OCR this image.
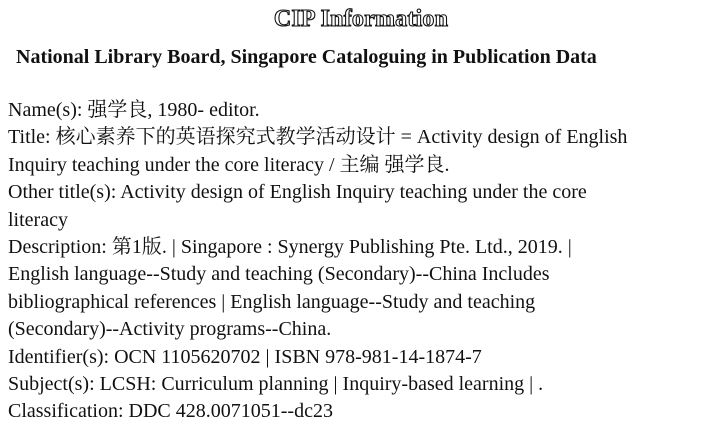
CIP Information
National Library Board, Singapore Cataloguing in Publication Data
Name(s): 强学良, 1980- editor.
Title: 核心素养下的英语探究式教学活动设计 = Activity design of English
Inquiry teaching under the core literacy / 主编 强学良.
Other title(s): Activity design of English Inquiry teaching under the core
literacy
Description: 第1版. | Singapore : Synergy Publishing Pte. Ltd., 2019. |
English language--Study and teaching (Secondary)--China Includes
bibliographical references | English language--Study and teaching
(Secondary)--Activity programs--China.
Identifier(s): OCN 1105620702 | ISBN 978-981-14-1874-7
Subject(s): LCSH: Curriculum planning | Inquiry-based learning | .
Classification: DDC 428.0071051--dc23
